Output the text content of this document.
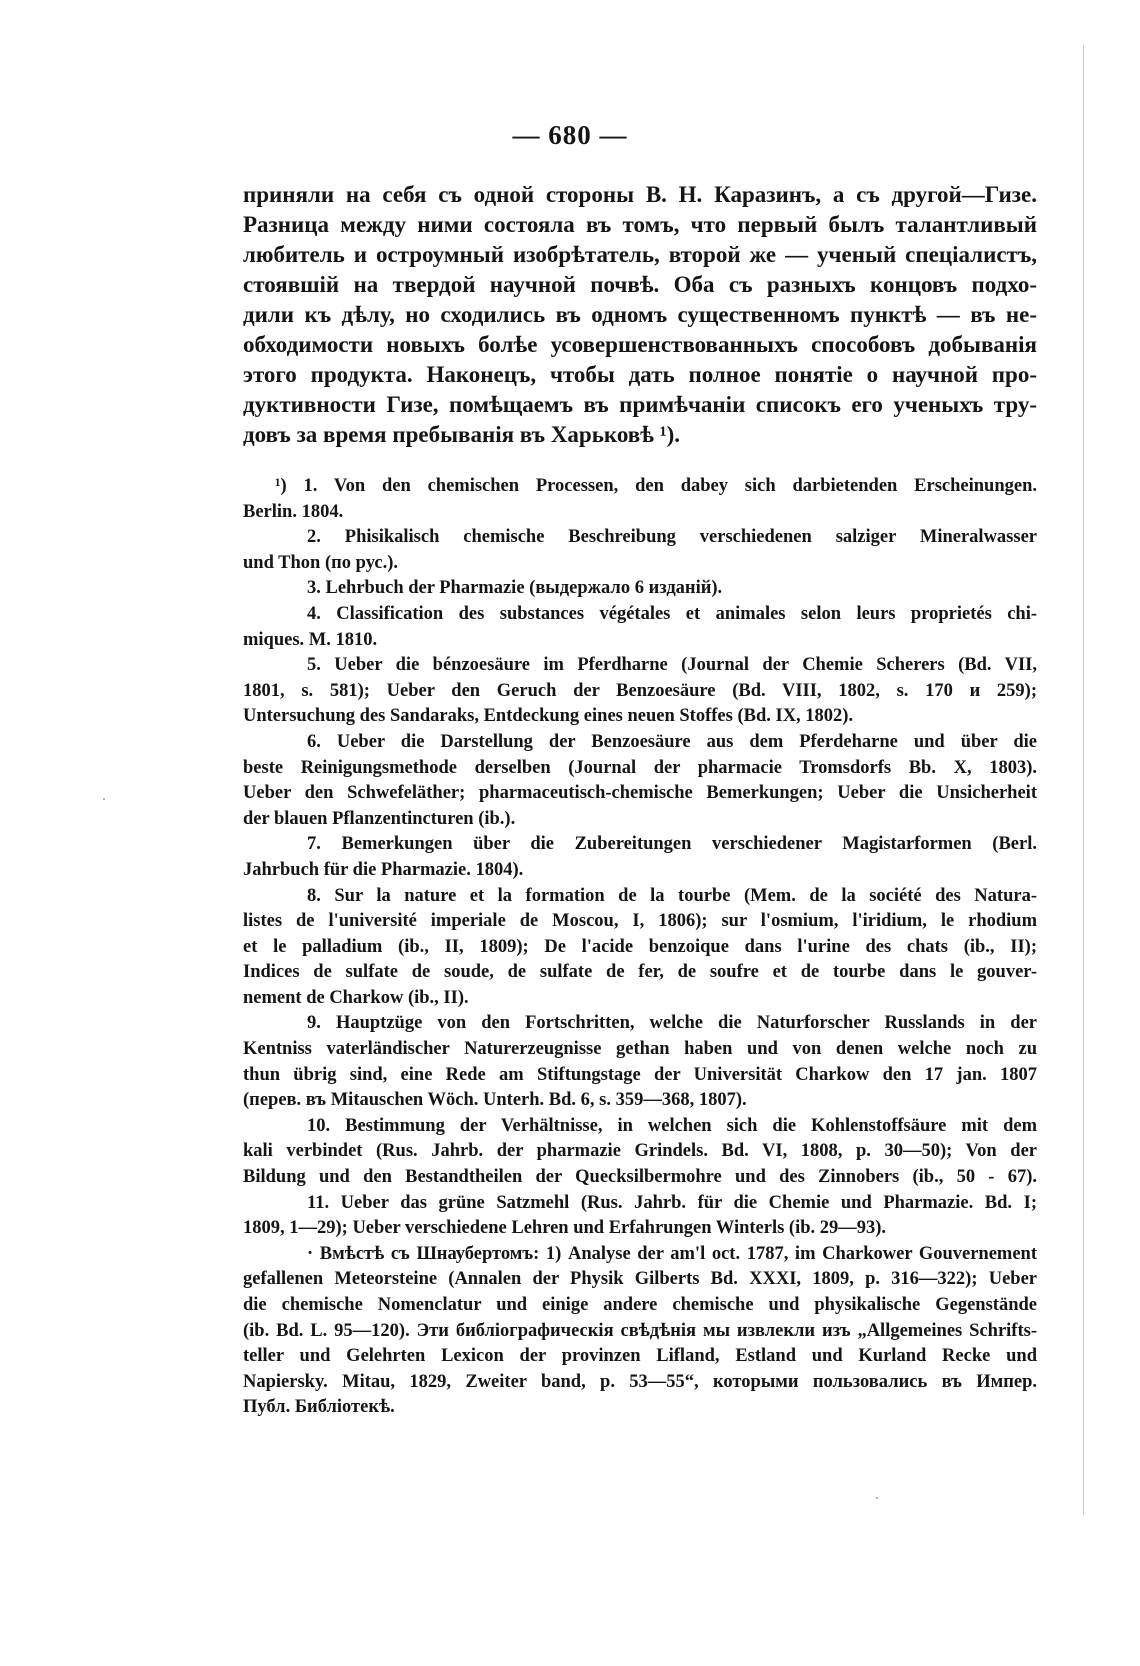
— 680 —
приняли на себя съ одной стороны В. Н. Каразинъ, а съ другой—Гизе.
Разница между ними состояла въ томъ, что первый былъ талантливый
любитель и остроумный изобрѣтатель, второй же — ученый спеціалистъ,
стоявшій на твердой научной почвѣ. Оба съ разныхъ концовъ подхо-
дили къ дѣлу, но сходились въ одномъ существенномъ пунктѣ — въ не-
обходимости новыхъ болѣе усовершенствованныхъ способовъ добыванія
этого продукта. Наконецъ, чтобы дать полное понятіе о научной про-
дуктивности Гизе, помѣщаемъ въ примѣчаніи списокъ его ученыхъ тру-
довъ за время пребыванія въ Харьковѣ ¹).
¹) 1. Von den chemischen Processen, den dabey sich darbietenden Erscheinungen.
Berlin. 1804.
2. Phisikalisch chemische Beschreibung verschiedenen salziger Mineralwasser
und Thon (по рус.).
3. Lehrbuch der Pharmazie (выдержало 6 изданій).
4. Classification des substances végétales et animales selon leurs proprietés chi-
miques. M. 1810.
5. Ueber die bénzoesäure im Pferdharne (Journal der Chemie Scherers (Bd. VII,
1801, s. 581); Ueber den Geruch der Benzoesäure (Bd. VIII, 1802, s. 170 и 259);
Untersuchung des Sandaraks, Entdeckung eines neuen Stoffes (Bd. IX, 1802).
6. Ueber die Darstellung der Benzoesäure aus dem Pferdeharne und über die
beste Reinigungsmethode derselben (Journal der pharmacie Tromsdorfs Bb. X, 1803).
Ueber den Schwefeläther; pharmaceutisch-chemische Bemerkungen; Ueber die Unsicherheit
der blauen Pflanzentincturen (ib.).
7. Bemerkungen über die Zubereitungen verschiedener Magistarformen (Berl.
Jahrbuch für die Pharmazie. 1804).
8. Sur la nature et la formation de la tourbe (Mem. de la société des Natura-
listes de l'université imperiale de Moscou, I, 1806); sur l'osmium, l'iridium, le rhodium
et le palladium (ib., II, 1809); De l'acide benzoique dans l'urine des chats (ib., II);
Indices de sulfate de soude, de sulfate de fer, de soufre et de tourbe dans le gouver-
nement de Charkow (ib., II).
9. Hauptzüge von den Fortschritten, welche die Naturforscher Russlands in der
Kentniss vaterländischer Naturerzeugnisse gethan haben und von denen welche noch zu
thun übrig sind, eine Rede am Stiftungstage der Universität Charkow den 17 jan. 1807
(перев. въ Mitauschen Wöch. Unterh. Bd. 6, s. 359—368, 1807).
10. Bestimmung der Verhältnisse, in welchen sich die Kohlenstoffsäure mit dem
kali verbindet (Rus. Jahrb. der pharmazie Grindels. Bd. VI, 1808, p. 30—50); Von der
Bildung und den Bestandtheilen der Quecksilbermohre und des Zinnobers (ib., 50 - 67).
11. Ueber das grüne Satzmehl (Rus. Jahrb. für die Chemie und Pharmazie. Bd. I;
1809, 1—29); Ueber verschiedene Lehren und Erfahrungen Winterls (ib. 29—93).
· Вмѣстѣ съ Шнаубертомъ: 1) Analyse der am'l oct. 1787, im Charkower Gouvernement
gefallenen Meteorsteine (Annalen der Physik Gilberts Bd. XXXI, 1809, p. 316—322); Ueber
die chemische Nomenclatur und einige andere chemische und physikalische Gegenstände
(ib. Bd. L. 95—120). Эти библіографическія свѣдѣнія мы извлекли изъ „Allgemeines Schrifts-
teller und Gelehrten Lexicon der provinzen Lifland, Estland und Kurland Recke und
Napiersky. Mitau, 1829, Zweiter band, p. 53—55“, которыми пользовались въ Импер.
Публ. Библіотекѣ.
